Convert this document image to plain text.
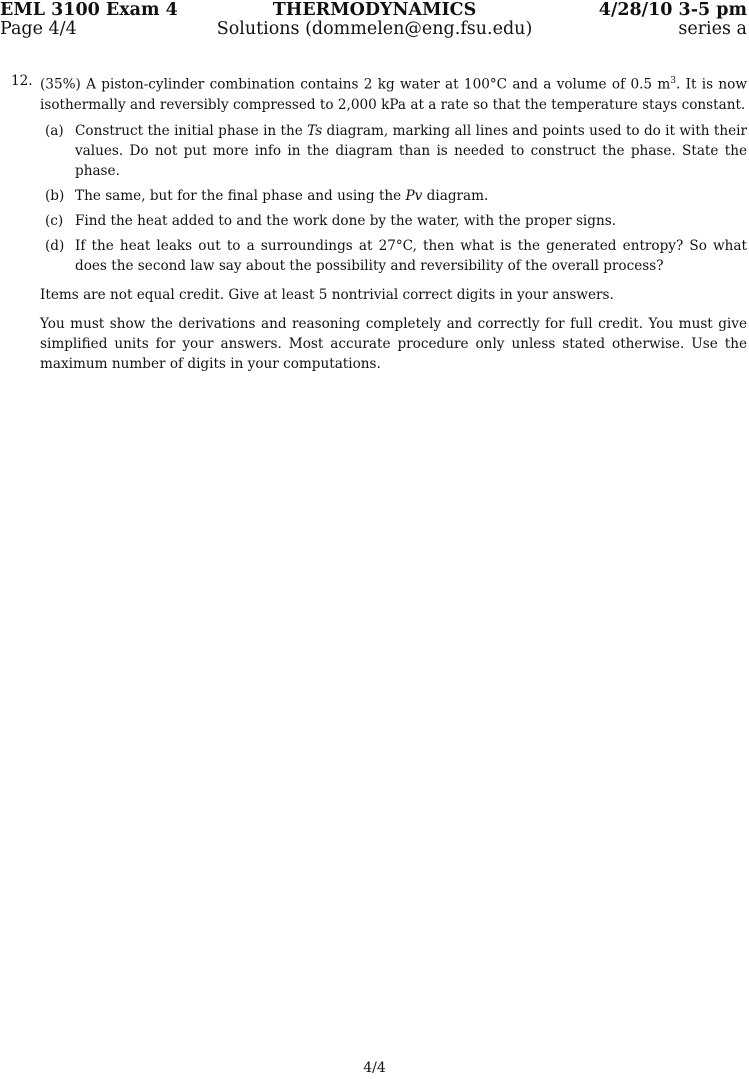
EML 3100 Exam 4	THERMODYNAMICS	4/28/10 3-5 pm
Page 4/4	Solutions (dommelen@eng.fsu.edu)	series a
12. (35%) A piston-cylinder combination contains 2 kg water at 100°C and a volume of 0.5 $m^3$. It is now isothermally and reversibly compressed to 2,000 kPa at a rate so that the temperature stays constant.
(a) Construct the initial phase in the Ts diagram, marking all lines and points used to do it with their values. Do not put more info in the diagram than is needed to construct the phase. State the phase.
(b) The same, but for the final phase and using the Pv diagram.
(c) Find the heat added to and the work done by the water, with the proper signs.
(d) If the heat leaks out to a surroundings at 27°C, then what is the generated entropy? So what does the second law say about the possibility and reversibility of the overall process?

Items are not equal credit. Give at least 5 nontrivial correct digits in your answers.

You must show the derivations and reasoning completely and correctly for full credit. You must give simplified units for your answers. Most accurate procedure only unless stated otherwise. Use the maximum number of digits in your computations.

4/4
